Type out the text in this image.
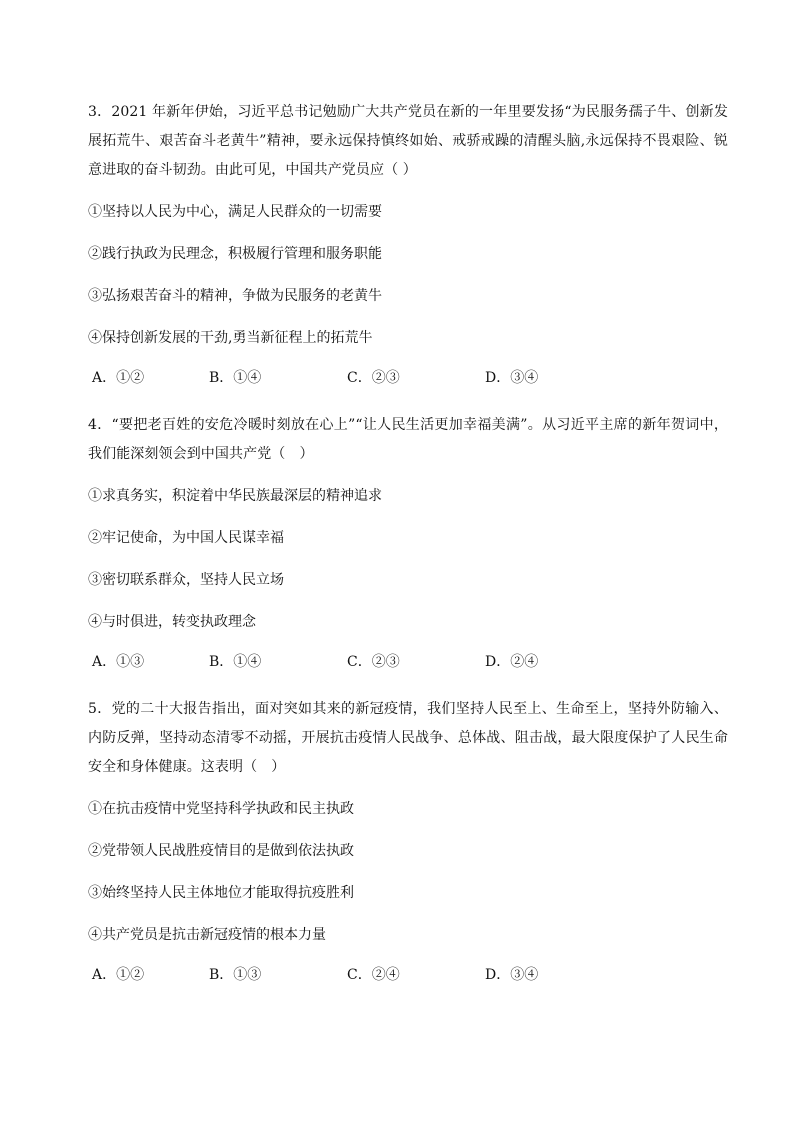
3．2021 年新年伊始，习近平总书记勉励广大共产党员在新的一年里要发扬“为民服务孺子牛、创新发展拓荒牛、艰苦奋斗老黄牛”精神，要永远保持慎终如始、戒骄戒躁的清醒头脑,永远保持不畏艰险、锐意进取的奋斗韧劲。由此可见，中国共产党员应（ ）

①坚持以人民为中心，满足人民群众的一切需要

②践行执政为民理念，积极履行管理和服务职能

③弘扬艰苦奋斗的精神，争做为民服务的老黄牛

④保持创新发展的干劲,勇当新征程上的拓荒牛

A．①②	B．①④	C．②③	D．③④

4．“要把老百姓的安危冷暖时刻放在心上”“让人民生活更加幸福美满”。从习近平主席的新年贺词中，我们能深刻领会到中国共产党（　）

①求真务实，积淀着中华民族最深层的精神追求

②牢记使命，为中国人民谋幸福

③密切联系群众，坚持人民立场

④与时俱进，转变执政理念

A．①③	B．①④	C．②③	D．②④

5．党的二十大报告指出，面对突如其来的新冠疫情，我们坚持人民至上、生命至上，坚持外防输入、内防反弹，坚持动态清零不动摇，开展抗击疫情人民战争、总体战、阻击战，最大限度保护了人民生命安全和身体健康。这表明（　）

①在抗击疫情中党坚持科学执政和民主执政

②党带领人民战胜疫情目的是做到依法执政

③始终坚持人民主体地位才能取得抗疫胜利

④共产党员是抗击新冠疫情的根本力量

A．①②	B．①③	C．②④	D．③④
